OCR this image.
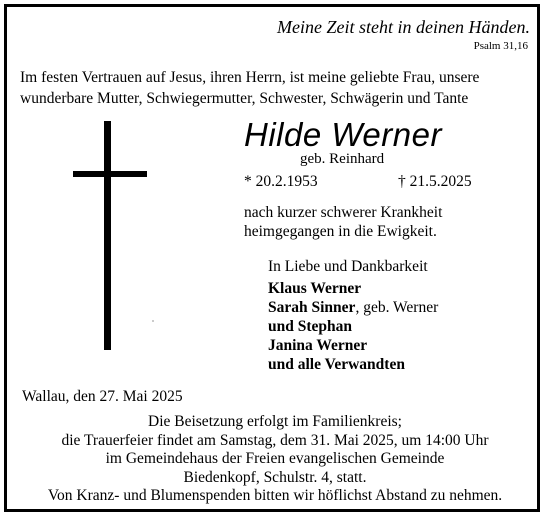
Meine Zeit steht in deinen Händen.
Psalm 31,16
Im festen Vertrauen auf Jesus, ihren Herrn, ist meine geliebte Frau, unsere
wunderbare Mutter, Schwiegermutter, Schwester, Schwägerin und Tante
Hilde Werner
geb. Reinhard
* 20.2.1953	† 21.5.2025
nach kurzer schwerer Krankheit
heimgegangen in die Ewigkeit.
In Liebe und Dankbarkeit
Klaus Werner
Sarah Sinner, geb. Werner
und Stephan
Janina Werner
und alle Verwandten
Wallau, den 27. Mai 2025
Die Beisetzung erfolgt im Familienkreis;
die Trauerfeier findet am Samstag, dem 31. Mai 2025, um 14:00 Uhr
im Gemeindehaus der Freien evangelischen Gemeinde
Biedenkopf, Schulstr. 4, statt.
Von Kranz- und Blumenspenden bitten wir höflichst Abstand zu nehmen.
